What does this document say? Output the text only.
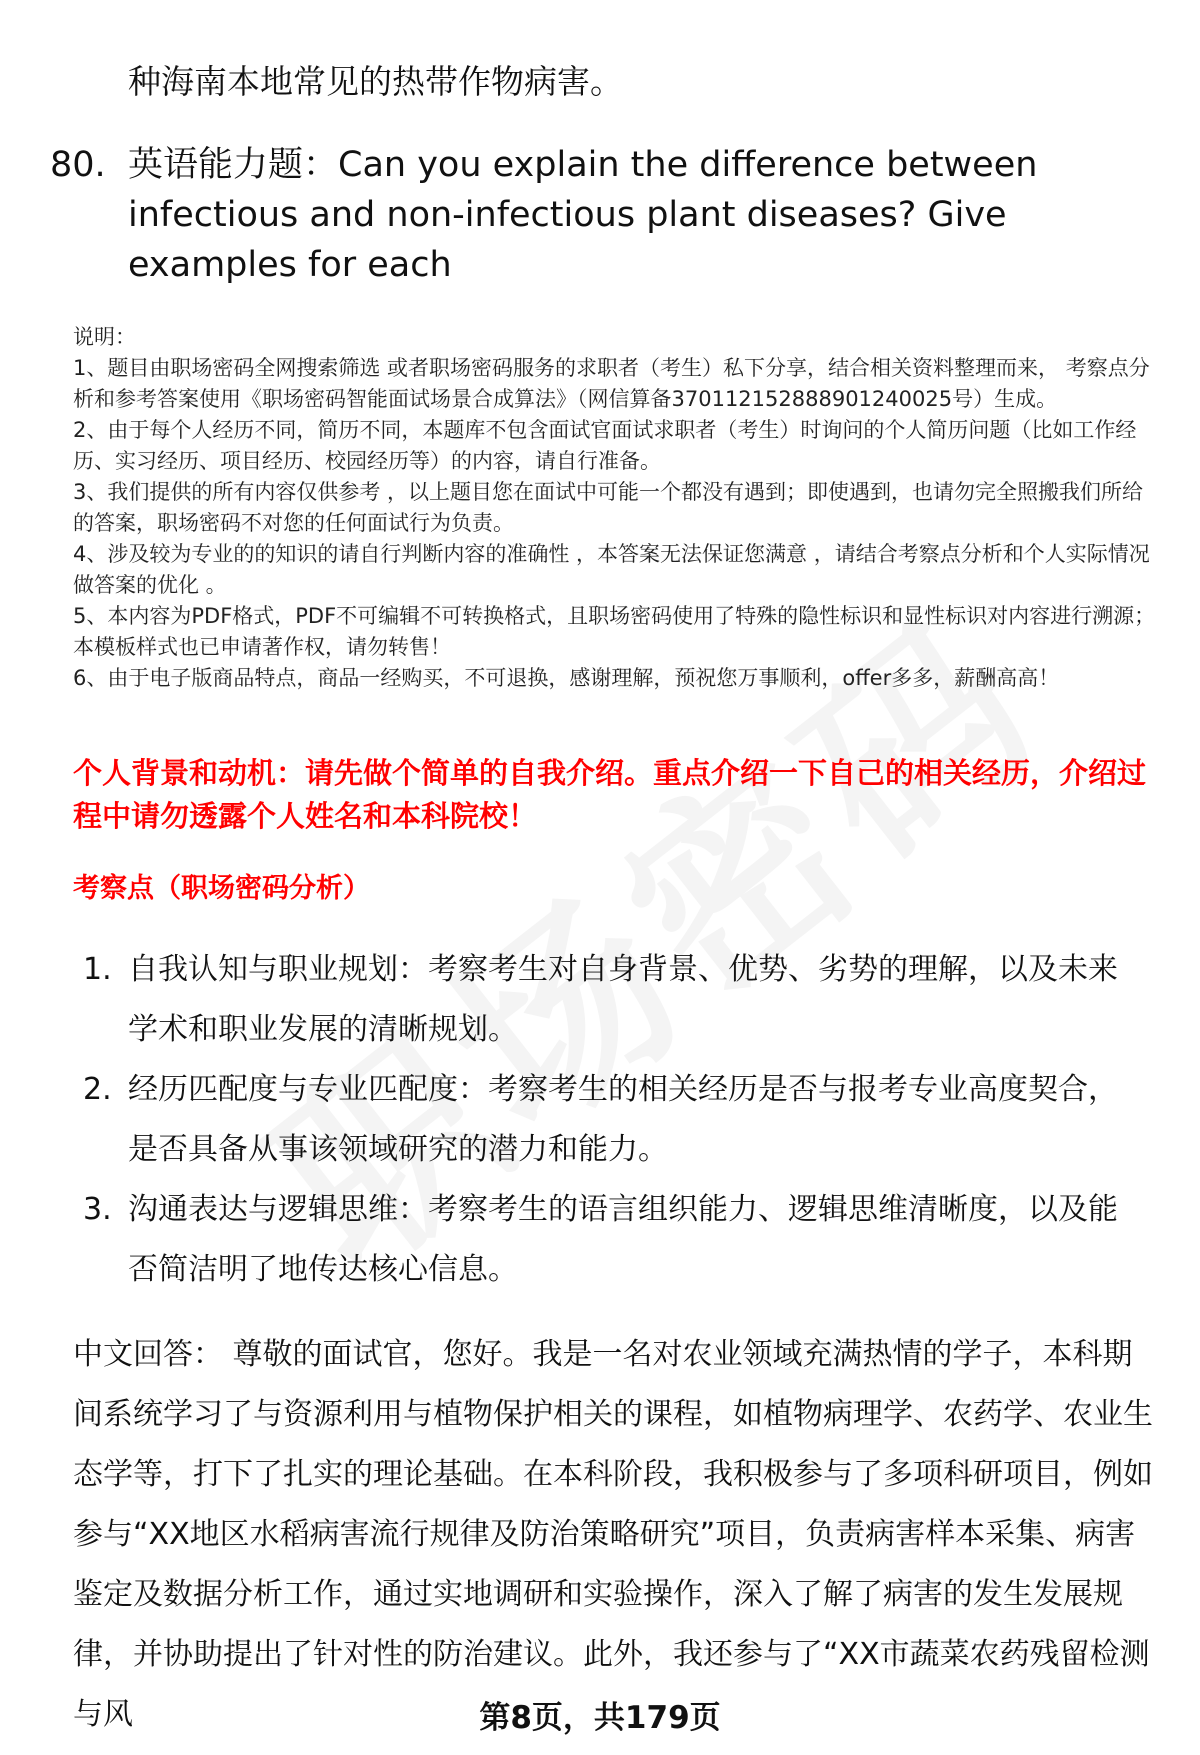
种海南本地常见的热带作物病害。
80. 英语能力题：Can you explain the difference between infectious and non-infectious plant diseases? Give examples for each

说明：

1、题目由职场密码全网搜索筛选 或者职场密码服务的求职者（考生）私下分享，结合相关资料整理而来， 考察点分析和参考答案使用《职场密码智能面试场景合成算法》（网信算备370112152888901240025号）生成。

2、由于每个人经历不同，简历不同，本题库不包含面试官面试求职者（考生）时询问的个人简历问题（比如工作经历、实习经历、项目经历、校园经历等）的内容，请自行准备。

3、我们提供的所有内容仅供参考 ，以上题目您在面试中可能一个都没有遇到；即使遇到，也请勿完全照搬我们所给的答案，职场密码不对您的任何面试行为负责。

4、涉及较为专业的的知识的请自行判断内容的准确性 ，本答案无法保证您满意 ，请结合考察点分析和个人实际情况做答案的优化 。

5、本内容为PDF格式，PDF不可编辑不可转换格式，且职场密码使用了特殊的隐性标识和显性标识对内容进行溯源；本模板样式也已申请著作权，请勿转售！

6、由于电子版商品特点，商品一经购买，不可退换，感谢理解，预祝您万事顺利，offer多多，薪酬高高！

个人背景和动机：请先做个简单的自我介绍。重点介绍一下自己的相关经历，介绍过程中请勿透露个人姓名和本科院校！
考察点（职场密码分析）
1. 自我认知与职业规划：考察考生对自身背景、优势、劣势的理解，以及未来学术和职业发展的清晰规划。
2. 经历匹配度与专业匹配度：考察考生的相关经历是否与报考专业高度契合，是否具备从事该领域研究的潜力和能力。
3. 沟通表达与逻辑思维：考察考生的语言组织能力、逻辑思维清晰度，以及能否简洁明了地传达核心信息。
中文回答： 尊敬的面试官，您好。我是一名对农业领域充满热情的学子，本科期间系统学习了与资源利用与植物保护相关的课程，如植物病理学、农药学、农业生态学等，打下了扎实的理论基础。在本科阶段，我积极参与了多项科研项目，例如参与“XX地区水稻病害流行规律及防治策略研究”项目，负责病害样本采集、病害鉴定及数据分析工作，通过实地调研和实验操作，深入了解了病害的发生发展规律，并协助提出了针对性的防治建议。此外，我还参与了“XX市蔬菜农药残留检测与风	第8页，共179页
